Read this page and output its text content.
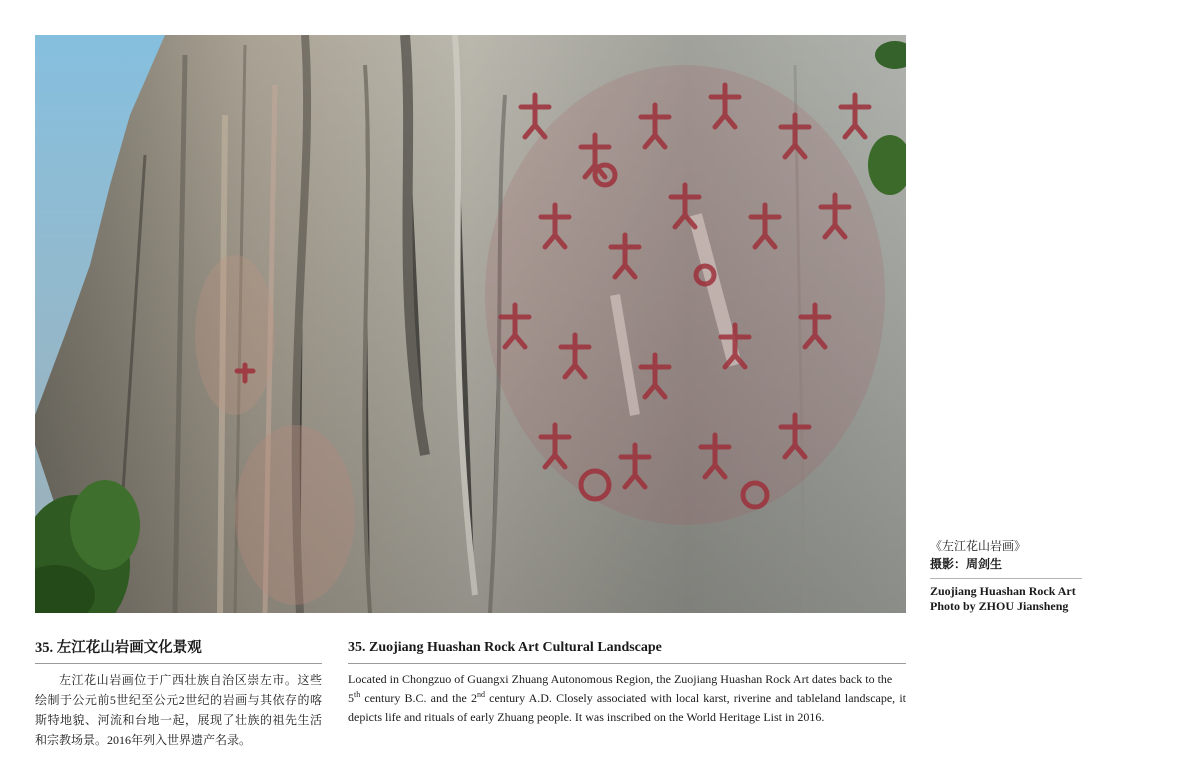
《左江花山岩画》
摄影：周剑生
Zuojiang Huashan Rock Art
Photo by ZHOU Jiansheng
35. 左江花山岩画文化景观

左江花山岩画位于广西壮族自治区崇左市。这些绘制于公元前5世纪至公元2世纪的岩画与其依存的喀斯特地貌、河流和台地一起，展现了壮族的祖先生活和宗教场景。2016年列入世界遗产名录。

35. Zuojiang Huashan Rock Art Cultural Landscape

Located in Chongzuo of Guangxi Zhuang Autonomous Region, the Zuojiang Huashan Rock Art dates back to the
5th century B.C. and the 2nd century A.D. Closely associated with local karst, riverine and tableland landscape, it depicts life and rituals of early Zhuang people. It was inscribed on the World Heritage List in 2016.
